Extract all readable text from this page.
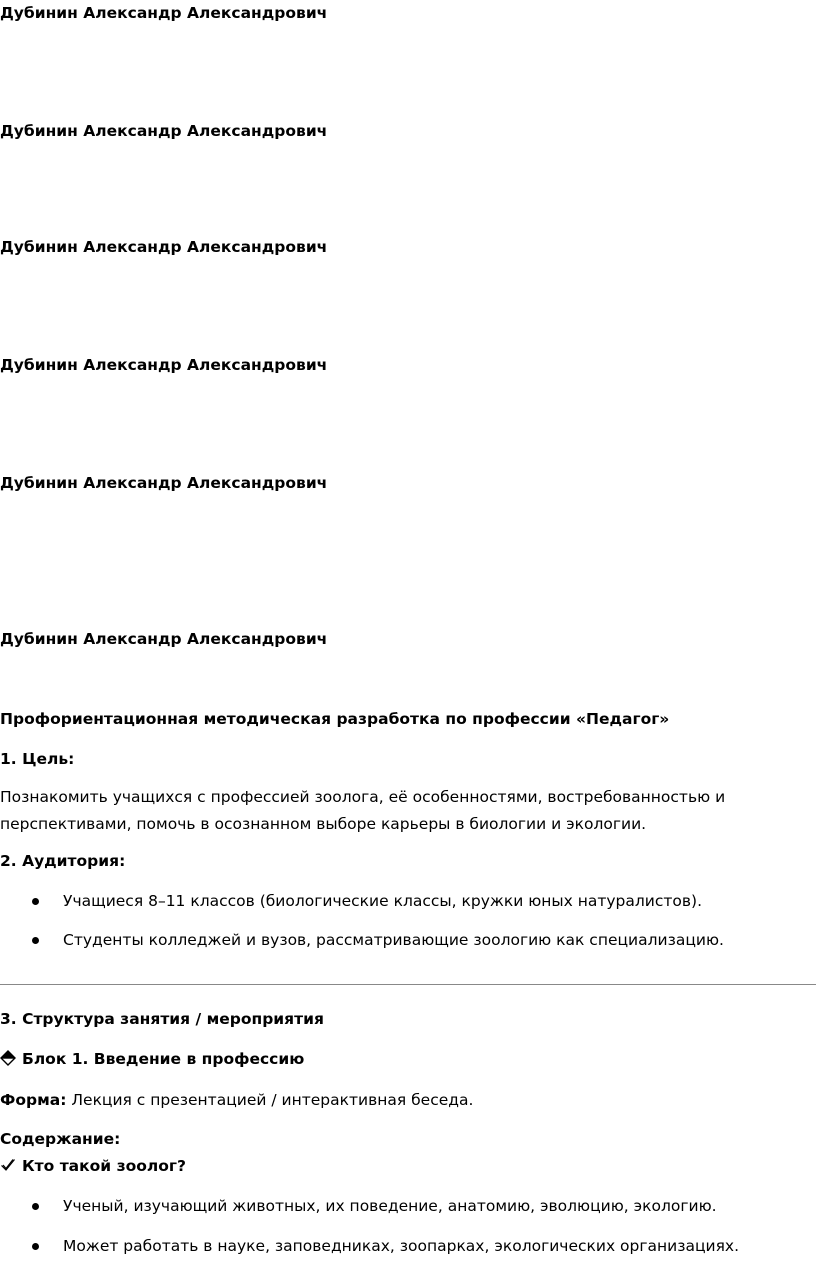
Дубинин Александр Александрович
Дубинин Александр Александрович
Дубинин Александр Александрович
Дубинин Александр Александрович
Дубинин Александр Александрович
Дубинин Александр Александрович
Профориентационная методическая разработка по профессии «Педагог»
1. Цель:
Познакомить учащихся с профессией зоолога, её особенностями, востребованностью и
перспективами, помочь в осознанном выборе карьеры в биологии и экологии.
2. Аудитория:
Учащиеся 8–11 классов (биологические классы, кружки юных натуралистов).
Студенты колледжей и вузов, рассматривающие зоологию как специализацию.
3. Структура занятия / мероприятия
Блок 1. Введение в профессию
Форма: Лекция с презентацией / интерактивная беседа.
Содержание:
Кто такой зоолог?
Ученый, изучающий животных, их поведение, анатомию, эволюцию, экологию.
Может работать в науке, заповедниках, зоопарках, экологических организациях.
